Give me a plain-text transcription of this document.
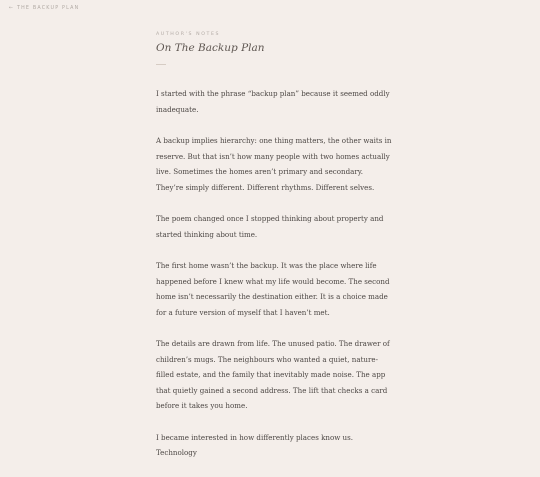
← THE BACKUP PLAN
AUTHOR'S NOTES
On The Backup Plan

I started with the phrase “backup plan” because it seemed oddly inadequate.

A backup implies hierarchy: one thing matters, the other waits in reserve. But that isn’t how many people with two homes actually live. Sometimes the homes aren’t primary and secondary. They’re simply different. Different rhythms. Different selves.

The poem changed once I stopped thinking about property and started thinking about time.

The first home wasn’t the backup. It was the place where life happened before I knew what my life would become. The second home isn’t necessarily the destination either. It is a choice made for a future version of myself that I haven’t met.

The details are drawn from life. The unused patio. The drawer of children’s mugs. The neighbours who wanted a quiet, nature-filled estate, and the family that inevitably made noise. The app that quietly gained a second address. The lift that checks a card before it takes you home.

I became interested in how differently places know us. Technology
